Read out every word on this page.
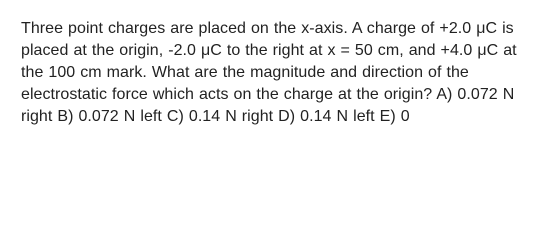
Three point charges are placed on the x-axis. A charge of +2.0 μC is placed at the origin, -2.0 μC to the right at x = 50 cm, and +4.0 μC at the 100 cm mark. What are the magnitude and direction of the electrostatic force which acts on the charge at the origin? A) 0.072 N right B) 0.072 N left C) 0.14 N right D) 0.14 N left E) 0
